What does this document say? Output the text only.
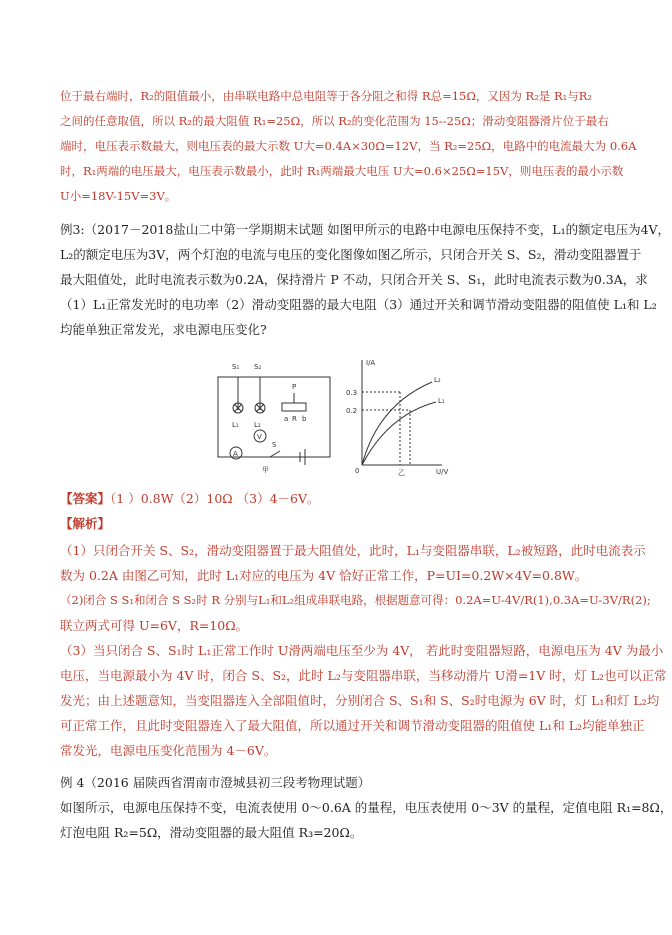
位于最右端时，R₂的阻值最小，由串联电路中总电阻等于各分阻之和得 R总=15Ω，又因为 R₂是 R₁与R₂
之间的任意取值，所以 R₂的最大阻值 R₁=25Ω，所以 R₂的变化范围为 15--25Ω；滑动变阻器滑片位于最右
端时，电压表示数最大，则电压表的最大示数 U大=0.4A×30Ω=12V，当 R₂=25Ω，电路中的电流最大为 0.6A
时，R₁两端的电压最大，电压表示数最小，此时 R₁两端最大电压 U大=0.6×25Ω=15V，则电压表的最小示数
U小=18V-15V=3V。
例3:（2017－2018盐山二中第一学期期末试题 如图甲所示的电路中电源电压保持不变，L₁的额定电压为4V，
L₂的额定电压为3V，两个灯泡的电流与电压的变化图像如图乙所示，只闭合开关 S、S₂，滑动变阻器置于
最大阻值处，此时电流表示数为0.2A，保持滑片 P 不动，只闭合开关 S、S₁，此时电流表示数为0.3A，求
（1）L₁正常发光时的电功率（2）滑动变阻器的最大电阻（3）通过开关和调节滑动变阻器的阻值使 L₁和 L₂
均能单独正常发光，求电源电压变化?
S₁ S₂
L₁ L₂
P
a R b
V
A
S
甲
I/A
U/V
0.3
0.2
0
L₂
L₁
乙
【答案】（1 ）0.8W（2）10Ω （3）4－6V。
【解析】
（1）只闭合开关 S、S₂，滑动变阻器置于最大阻值处，此时，L₁与变阻器串联，L₂被短路，此时电流表示
数为 0.2A 由图乙可知，此时 L₁对应的电压为 4V 恰好正常工作，P=UI=0.2W×4V=0.8W。
（2)闭合 S S₁和闭合 S S₂时 R 分别与L₁和L₂组成串联电路，根据题意可得：0.2A=U-4V/R(1),0.3A=U-3V/R(2);
联立两式可得 U=6V，R=10Ω。
（3）当只闭合 S、S₁时 L₁正常工作时 U滑两端电压至少为 4V， 若此时变阻器短路，电源电压为 4V 为最小
电压，当电源最小为 4V 时，闭合 S、S₂，此时 L₂与变阻器串联，当移动滑片 U滑=1V 时，灯 L₂也可以正常
发光；由上述题意知，当变阻器连入全部阻值时，分别闭合 S、S₁和 S、S₂时电源为 6V 时，灯 L₁和灯 L₂均
可正常工作，且此时变阻器连入了最大阻值，所以通过开关和调节滑动变阻器的阻值使 L₁和 L₂均能单独正
常发光，电源电压变化范围为 4－6V。
例 4（2016 届陕西省渭南市澄城县初三段考物理试题）
如图所示，电源电压保持不变，电流表使用 0～0.6A 的量程，电压表使用 0～3V 的量程，定值电阻 R₁=8Ω，
灯泡电阻 R₂=5Ω，滑动变阻器的最大阻值 R₃=20Ω。
